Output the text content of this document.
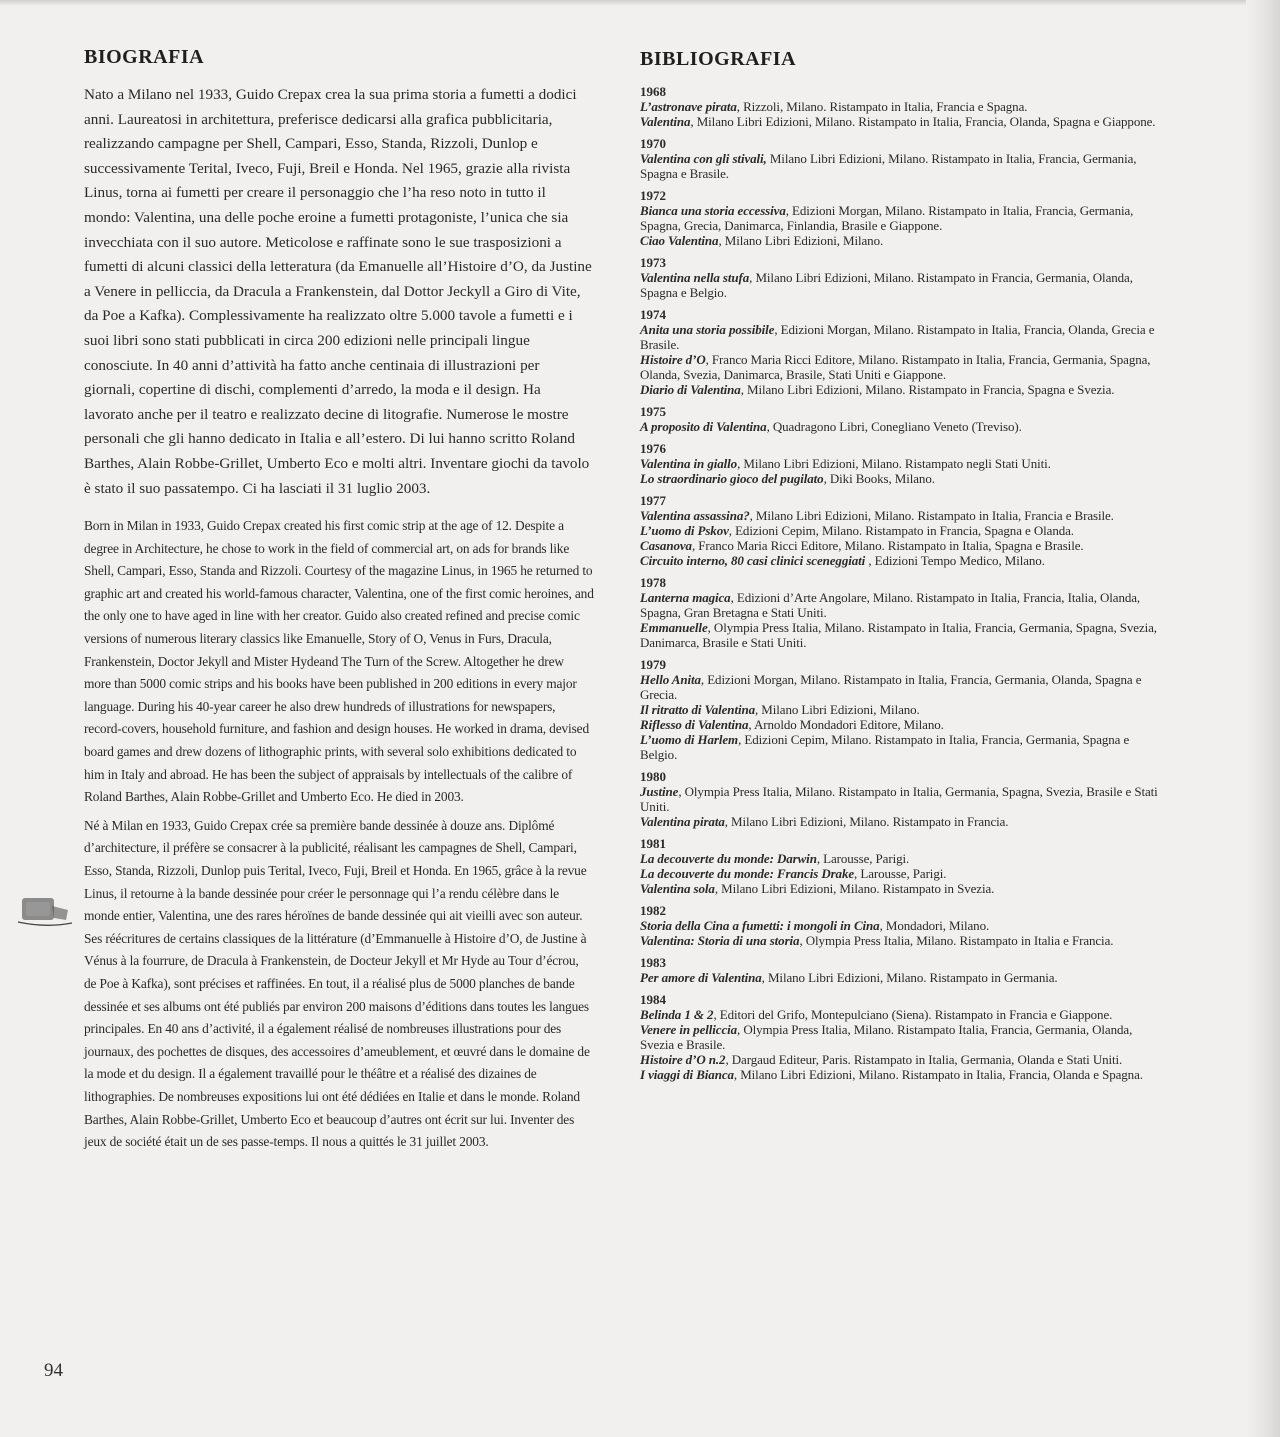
BIOGRAFIA

Nato a Milano nel 1933, Guido Crepax crea la sua prima storia a fumetti a dodici anni. Laureatosi in architettura, preferisce dedicarsi alla grafica pubblicitaria, realizzando campagne per Shell, Campari, Esso, Standa, Rizzoli, Dunlop e successivamente Terital, Iveco, Fuji, Breil e Honda. Nel 1965, grazie alla rivista Linus, torna ai fumetti per creare il personaggio che l’ha reso noto in tutto il mondo: Valentina, una delle poche eroine a fumetti protagoniste, l’unica che sia invecchiata con il suo autore. Meticolose e raffinate sono le sue trasposizioni a fumetti di alcuni classici della letteratura (da Emanuelle all’Histoire d’O, da Justine a Venere in pelliccia, da Dracula a Frankenstein, dal Dottor Jeckyll a Giro di Vite, da Poe a Kafka). Complessivamente ha realizzato oltre 5.000 tavole a fumetti e i suoi libri sono stati pubblicati in circa 200 edizioni nelle principali lingue conosciute. In 40 anni d’attività ha fatto anche centinaia di illustrazioni per giornali, copertine di dischi, complementi d’arredo, la moda e il design. Ha lavorato anche per il teatro e realizzato decine di litografie. Numerose le mostre personali che gli hanno dedicato in Italia e all’estero. Di lui hanno scritto Roland Barthes, Alain Robbe-Grillet, Umberto Eco e molti altri. Inventare giochi da tavolo è stato il suo passatempo. Ci ha lasciati il 31 luglio 2003.

Born in Milan in 1933, Guido Crepax created his first comic strip at the age of 12. Despite a degree in Architecture, he chose to work in the field of commercial art, on ads for brands like Shell, Campari, Esso, Standa and Rizzoli. Courtesy of the magazine Linus, in 1965 he returned to graphic art and created his world-famous character, Valentina, one of the first comic heroines, and the only one to have aged in line with her creator. Guido also created refined and precise comic versions of numerous literary classics like Emanuelle, Story of O, Venus in Furs, Dracula, Frankenstein, Doctor Jekyll and Mister Hydeand The Turn of the Screw. Altogether he drew more than 5000 comic strips and his books have been published in 200 editions in every major language. During his 40-year career he also drew hundreds of illustrations for newspapers, record-covers, household furniture, and fashion and design houses. He worked in drama, devised board games and drew dozens of lithographic prints, with several solo exhibitions dedicated to him in Italy and abroad. He has been the subject of appraisals by intellectuals of the calibre of Roland Barthes, Alain Robbe-Grillet and Umberto Eco. He died in 2003.

Né à Milan en 1933, Guido Crepax crée sa première bande dessinée à douze ans. Diplômé d’architecture, il préfère se consacrer à la publicité, réalisant les campagnes de Shell, Campari, Esso, Standa, Rizzoli, Dunlop puis Terital, Iveco, Fuji, Breil et Honda. En 1965, grâce à la revue Linus, il retourne à la bande dessinée pour créer le personnage qui l’a rendu célèbre dans le monde entier, Valentina, une des rares héroïnes de bande dessinée qui ait vieilli avec son auteur. Ses réécritures de certains classiques de la littérature (d’Emmanuelle à Histoire d’O, de Justine à Vénus à la fourrure, de Dracula à Frankenstein, de Docteur Jekyll et Mr Hyde au Tour d’écrou, de Poe à Kafka), sont précises et raffinées. En tout, il a réalisé plus de 5000 planches de bande dessinée et ses albums ont été publiés par environ 200 maisons d’éditions dans toutes les langues principales. En 40 ans d’activité, il a également réalisé de nombreuses illustrations pour des journaux, des pochettes de disques, des accessoires d’ameublement, et œuvré dans le domaine de la mode et du design. Il a également travaillé pour le théâtre et a réalisé des dizaines de lithographies. De nombreuses expositions lui ont été dédiées en Italie et dans le monde. Roland Barthes, Alain Robbe-Grillet, Umberto Eco et beaucoup d’autres ont écrit sur lui. Inventer des jeux de société était un de ses passe-temps. Il nous a quittés le 31 juillet 2003.

BIBLIOGRAFIA

1968

L’astronave pirata, Rizzoli, Milano. Ristampato in Italia, Francia e Spagna.

Valentina, Milano Libri Edizioni, Milano. Ristampato in Italia, Francia, Olanda, Spagna e Giappone.

1970

Valentina con gli stivali, Milano Libri Edizioni, Milano. Ristampato in Italia, Francia, Germania, Spagna e Brasile.

1972

Bianca una storia eccessiva, Edizioni Morgan, Milano. Ristampato in Italia, Francia, Germania, Spagna, Grecia, Danimarca, Finlandia, Brasile e Giappone.

Ciao Valentina, Milano Libri Edizioni, Milano.

1973

Valentina nella stufa, Milano Libri Edizioni, Milano. Ristampato in Francia, Germania, Olanda, Spagna e Belgio.

1974

Anita una storia possibile, Edizioni Morgan, Milano. Ristampato in Italia, Francia, Olanda, Grecia e Brasile.

Histoire d’O, Franco Maria Ricci Editore, Milano. Ristampato in Italia, Francia, Germania, Spagna, Olanda, Svezia, Danimarca, Brasile, Stati Uniti e Giappone.

Diario di Valentina, Milano Libri Edizioni, Milano. Ristampato in Francia, Spagna e Svezia.

1975

A proposito di Valentina, Quadragono Libri, Conegliano Veneto (Treviso).

1976

Valentina in giallo, Milano Libri Edizioni, Milano. Ristampato negli Stati Uniti.

Lo straordinario gioco del pugilato, Diki Books, Milano.

1977

Valentina assassina?, Milano Libri Edizioni, Milano. Ristampato in Italia, Francia e Brasile.

L’uomo di Pskov, Edizioni Cepim, Milano. Ristampato in Francia, Spagna e Olanda.

Casanova, Franco Maria Ricci Editore, Milano. Ristampato in Italia, Spagna e Brasile.

Circuito interno, 80 casi clinici sceneggiati , Edizioni Tempo Medico, Milano.

1978

Lanterna magica, Edizioni d’Arte Angolare, Milano. Ristampato in Italia, Francia, Italia, Olanda, Spagna, Gran Bretagna e Stati Uniti.

Emmanuelle, Olympia Press Italia, Milano. Ristampato in Italia, Francia, Germania, Spagna, Svezia, Danimarca, Brasile e Stati Uniti.

1979

Hello Anita, Edizioni Morgan, Milano. Ristampato in Italia, Francia, Germania, Olanda, Spagna e Grecia.

Il ritratto di Valentina, Milano Libri Edizioni, Milano.

Riflesso di Valentina, Arnoldo Mondadori Editore, Milano.

L’uomo di Harlem, Edizioni Cepim, Milano. Ristampato in Italia, Francia, Germania, Spagna e Belgio.

1980

Justine, Olympia Press Italia, Milano. Ristampato in Italia, Germania, Spagna, Svezia, Brasile e Stati Uniti.

Valentina pirata, Milano Libri Edizioni, Milano. Ristampato in Francia.

1981

La decouverte du monde: Darwin, Larousse, Parigi.

La decouverte du monde: Francis Drake, Larousse, Parigi.

Valentina sola, Milano Libri Edizioni, Milano. Ristampato in Svezia.

1982

Storia della Cina a fumetti: i mongoli in Cina, Mondadori, Milano.

Valentina: Storia di una storia, Olympia Press Italia, Milano. Ristampato in Italia e Francia.

1983

Per amore di Valentina, Milano Libri Edizioni, Milano. Ristampato in Germania.

1984

Belinda 1 & 2, Editori del Grifo, Montepulciano (Siena). Ristampato in Francia e Giappone.

Venere in pelliccia, Olympia Press Italia, Milano. Ristampato Italia, Francia, Germania, Olanda, Svezia e Brasile.

Histoire d’O n.2, Dargaud Editeur, Paris. Ristampato in Italia, Germania, Olanda e Stati Uniti.

I viaggi di Bianca, Milano Libri Edizioni, Milano. Ristampato in Italia, Francia, Olanda e Spagna.

94
